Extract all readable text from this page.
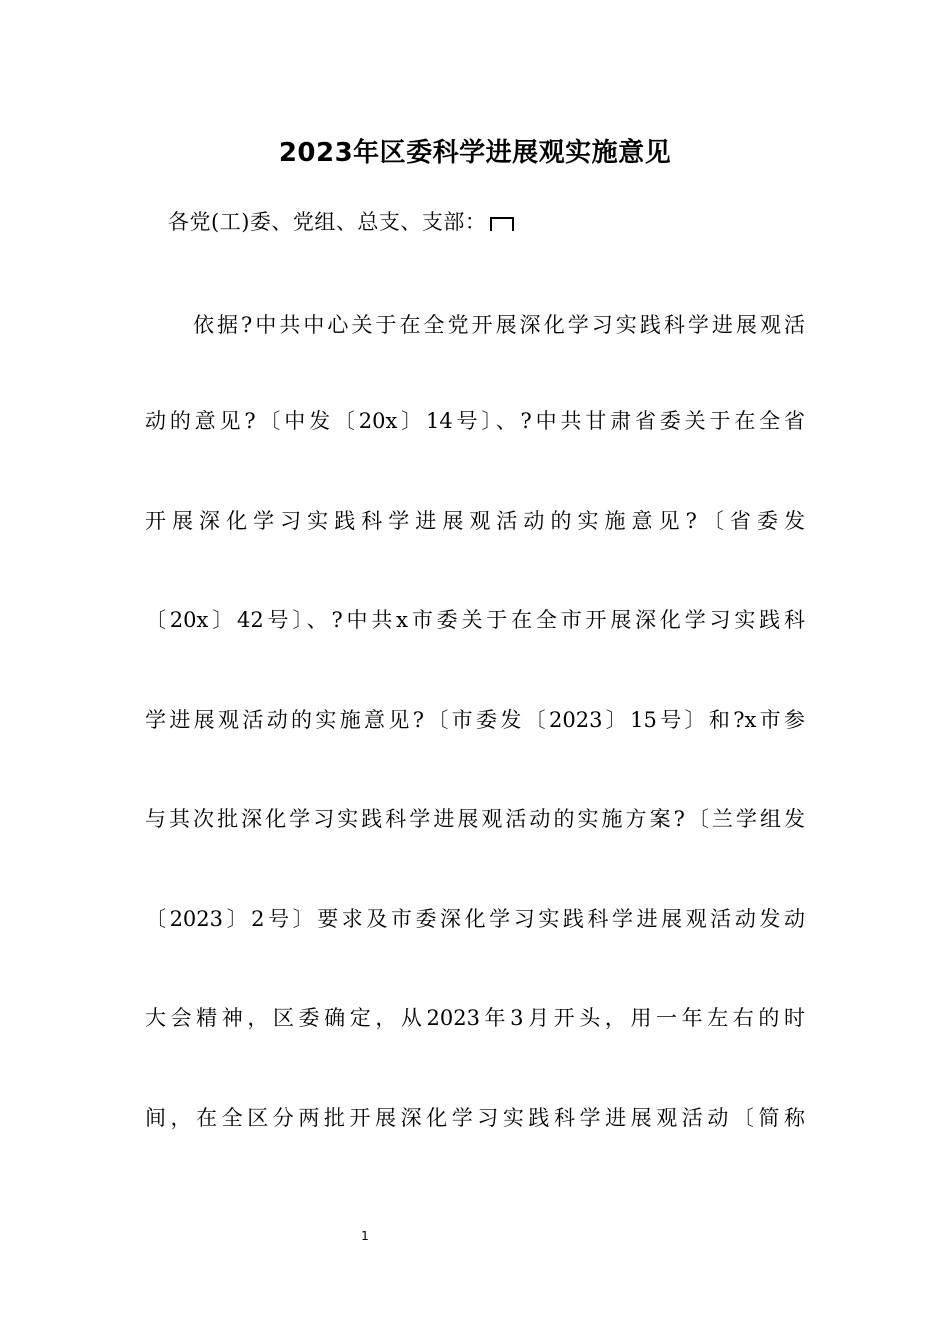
2023年区委科学进展观实施意见
各党(工)委、党组、总支、支部：
依据?中共中心关于在全党开展深化学习实践科学进展观活
动的意见?〔中发〔20x〕14号〕、?中共甘肃省委关于在全省
开展深化学习实践科学进展观活动的实施意见?〔省委发
〔20x〕42号〕、?中共x市委关于在全市开展深化学习实践科
学进展观活动的实施意见?〔市委发〔2023〕15号〕和?x市参
与其次批深化学习实践科学进展观活动的实施方案?〔兰学组发
〔2023〕2号〕要求及市委深化学习实践科学进展观活动发动
大会精神，区委确定，从2023年3月开头，用一年左右的时
间，在全区分两批开展深化学习实践科学进展观活动〔简称
1
